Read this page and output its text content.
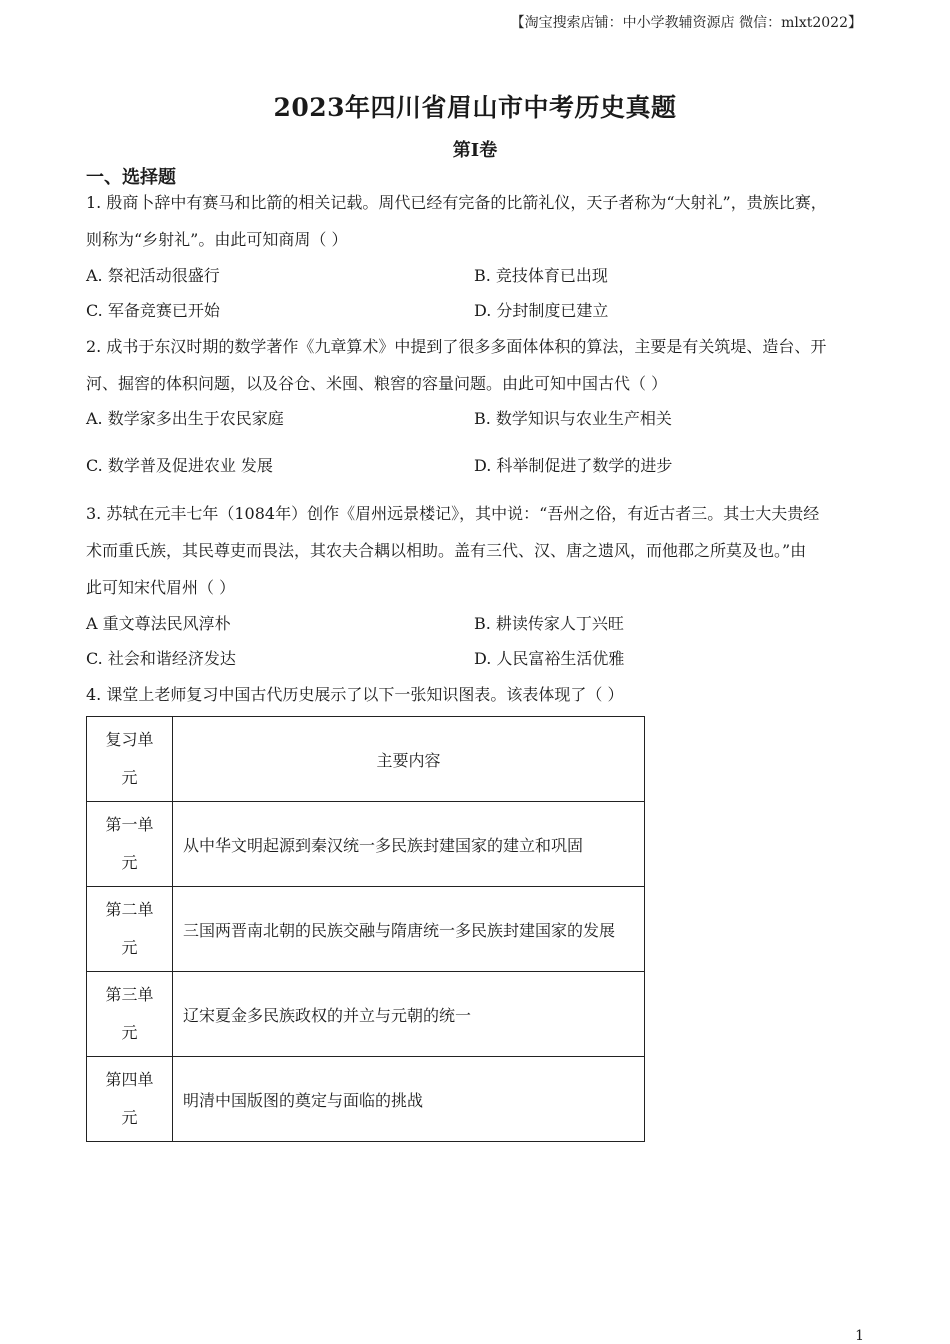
【淘宝搜索店铺：中小学教辅资源店 微信：mlxt2022】
2023年四川省眉山市中考历史真题
第I卷
一、选择题
1. 殷商卜辞中有赛马和比箭的相关记载。周代已经有完备的比箭礼仪，天子者称为“大射礼”，贵族比赛，
则称为“乡射礼”。由此可知商周（ ）
A. 祭祀活动很盛行	B. 竞技体育已出现
C. 军备竞赛已开始	D. 分封制度已建立
2. 成书于东汉时期的数学著作《九章算术》中提到了很多多面体体积的算法，主要是有关筑堤、造台、开
河、掘窖的体积问题，以及谷仓、米囤、粮窖的容量问题。由此可知中国古代（ ）
A. 数学家多出生于农民家庭	B. 数学知识与农业生产相关
C. 数学普及促进农业 发展	D. 科举制促进了数学的进步
3. 苏轼在元丰七年（1084年）创作《眉州远景楼记》，其中说：“吾州之俗，有近古者三。其士大夫贵经
术而重氏族，其民尊吏而畏法，其农夫合耦以相助。盖有三代、汉、唐之遗风，而他郡之所莫及也。”由
此可知宋代眉州（ ）
A 重文尊法民风淳朴	B. 耕读传家人丁兴旺
C. 社会和谐经济发达	D. 人民富裕生活优雅
4. 课堂上老师复习中国古代历史展示了以下一张知识图表。该表体现了（ ）
复习单
元	主要内容

第一单
元	从中华文明起源到秦汉统一多民族封建国家的建立和巩固

第二单
元	三国两晋南北朝的民族交融与隋唐统一多民族封建国家的发展

第三单
元	辽宋夏金多民族政权的并立与元朝的统一

第四单
元	明清中国版图的奠定与面临的挑战
1
